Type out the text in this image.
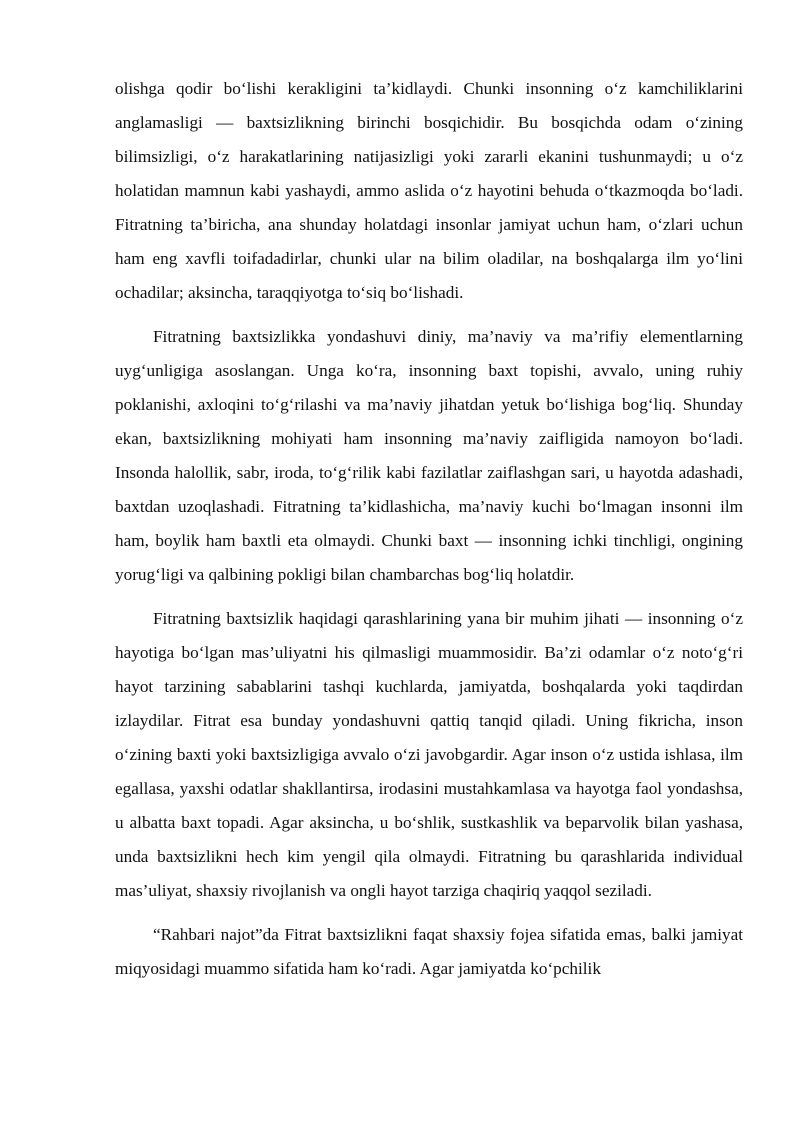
olishga qodir bo‘lishi kerakligini ta’kidlaydi. Chunki insonning o‘z kamchiliklarini anglamasligi — baxtsizlikning birinchi bosqichidir. Bu bosqichda odam o‘zining bilimsizligi, o‘z harakatlarining natijasizligi yoki zararli ekanini tushunmaydi; u o‘z holatidan mamnun kabi yashaydi, ammo aslida o‘z hayotini behuda o‘tkazmoqda bo‘ladi. Fitratning ta’biricha, ana shunday holatdagi insonlar jamiyat uchun ham, o‘zlari uchun ham eng xavfli toifadadirlar, chunki ular na bilim oladilar, na boshqalarga ilm yo‘lini ochadilar; aksincha, taraqqiyotga to‘siq bo‘lishadi.

Fitratning baxtsizlikka yondashuvi diniy, ma’naviy va ma’rifiy elementlarning uyg‘unligiga asoslangan. Unga ko‘ra, insonning baxt topishi, avvalo, uning ruhiy poklanishi, axloqini to‘g‘rilashi va ma’naviy jihatdan yetuk bo‘lishiga bog‘liq. Shunday ekan, baxtsizlikning mohiyati ham insonning ma’naviy zaifligida namoyon bo‘ladi. Insonda halollik, sabr, iroda, to‘g‘rilik kabi fazilatlar zaiflashgan sari, u hayotda adashadi, baxtdan uzoqlashadi. Fitratning ta’kidlashicha, ma’naviy kuchi bo‘lmagan insonni ilm ham, boylik ham baxtli eta olmaydi. Chunki baxt — insonning ichki tinchligi, ongining yorug‘ligi va qalbining pokligi bilan chambarchas bog‘liq holatdir.

Fitratning baxtsizlik haqidagi qarashlarining yana bir muhim jihati — insonning o‘z hayotiga bo‘lgan mas’uliyatni his qilmasligi muammosidir. Ba’zi odamlar o‘z noto‘g‘ri hayot tarzining sabablarini tashqi kuchlarda, jamiyatda, boshqalarda yoki taqdirdan izlaydilar. Fitrat esa bunday yondashuvni qattiq tanqid qiladi. Uning fikricha, inson o‘zining baxti yoki baxtsizligiga avvalo o‘zi javobgardir. Agar inson o‘z ustida ishlasa, ilm egallasa, yaxshi odatlar shakllantirsa, irodasini mustahkamlasa va hayotga faol yondashsa, u albatta baxt topadi. Agar aksincha, u bo‘shlik, sustkashlik va beparvolik bilan yashasa, unda baxtsizlikni hech kim yengil qila olmaydi. Fitratning bu qarashlarida individual mas’uliyat, shaxsiy rivojlanish va ongli hayot tarziga chaqiriq yaqqol seziladi.

“Rahbari najot”da Fitrat baxtsizlikni faqat shaxsiy fojea sifatida emas, balki jamiyat miqyosidagi muammo sifatida ham ko‘radi. Agar jamiyatda ko‘pchilik
